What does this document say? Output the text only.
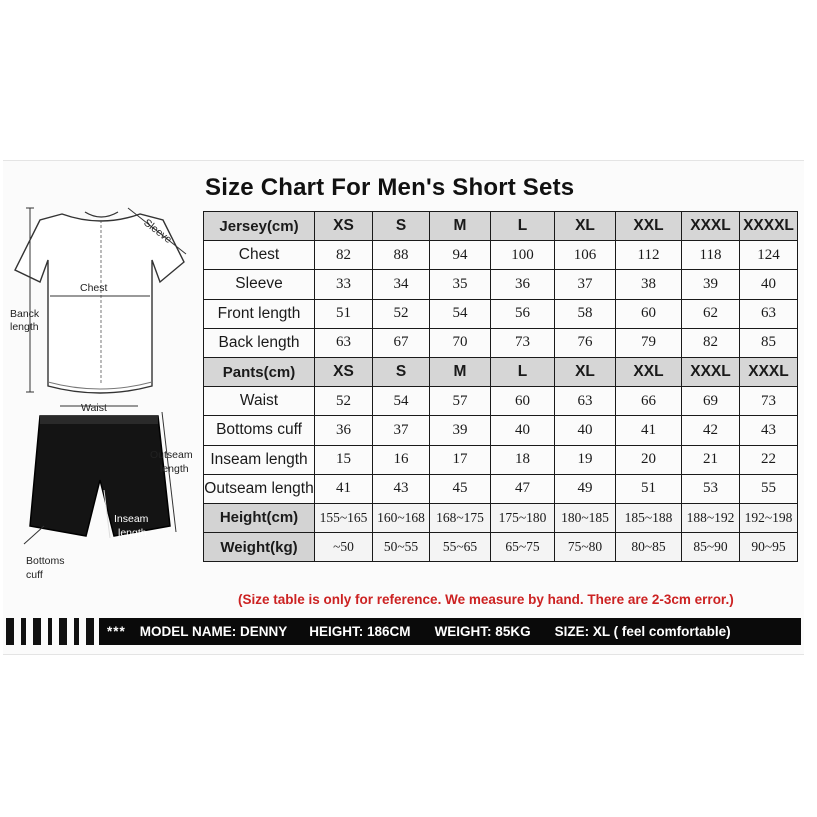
Size Chart For Men's Short Sets
Sleeve
Chest
Banck
length
Waist
Outseam
length
Inseam
length
Bottoms
cuff
Jersey(cm)	XS	S	M	L	XL	XXL	XXXL	XXXXL
Chest	82	88	94	100	106	112	118	124
Sleeve	33	34	35	36	37	38	39	40
Front length	51	52	54	56	58	60	62	63
Back length	63	67	70	73	76	79	82	85
Pants(cm)	XS	S	M	L	XL	XXL	XXXL	XXXL
Waist	52	54	57	60	63	66	69	73
Bottoms cuff	36	37	39	40	40	41	42	43
Inseam length	15	16	17	18	19	20	21	22
Outseam length	41	43	45	47	49	51	53	55
Height(cm)	155~165	160~168	168~175	175~180	180~185	185~188	188~192	192~198
Weight(kg)	~50	50~55	55~65	65~75	75~80	80~85	85~90	90~95
(Size table is only for reference. We measure by hand. There are 2-3cm error.)
*** MODEL NAME: DENNY HEIGHT: 186CM WEIGHT: 85KG SIZE: XL ( feel comfortable)
